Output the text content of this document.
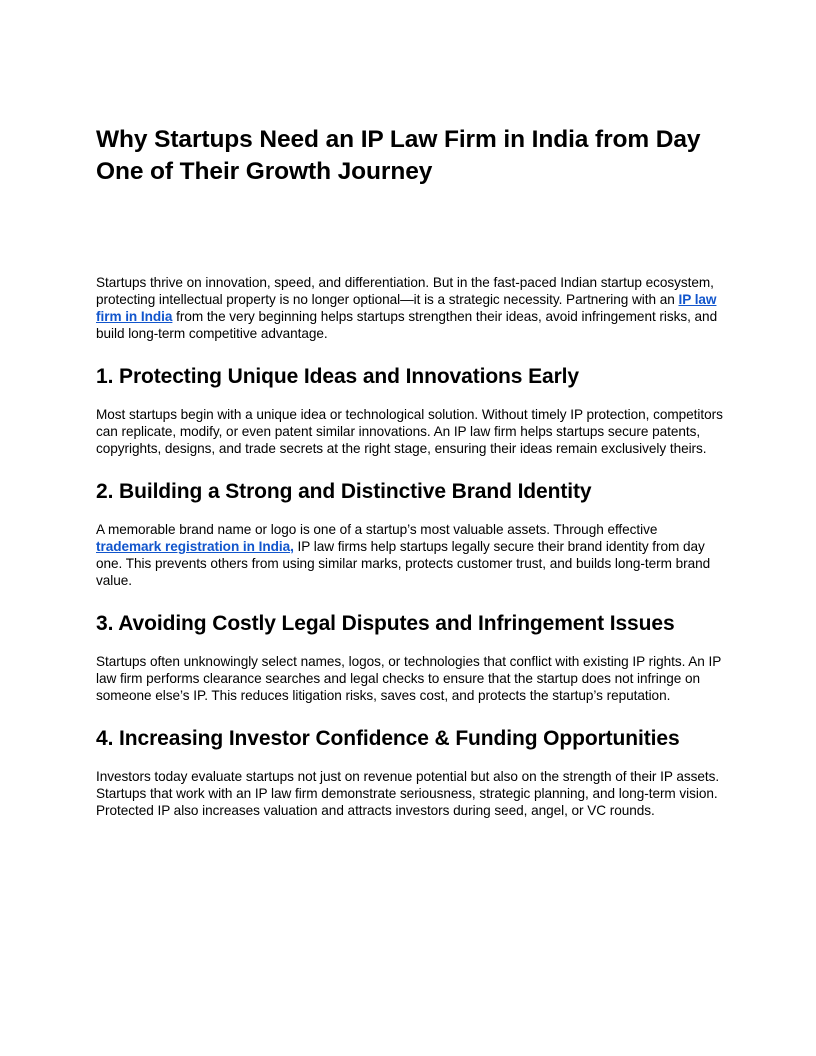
Why Startups Need an IP Law Firm in India from Day One of Their Growth Journey

Startups thrive on innovation, speed, and differentiation. But in the fast-paced Indian startup ecosystem, protecting intellectual property is no longer optional—it is a strategic necessity. Partnering with an IP law firm in India from the very beginning helps startups strengthen their ideas, avoid infringement risks, and build long-term competitive advantage.

1. Protecting Unique Ideas and Innovations Early

Most startups begin with a unique idea or technological solution. Without timely IP protection, competitors can replicate, modify, or even patent similar innovations. An IP law firm helps startups secure patents, copyrights, designs, and trade secrets at the right stage, ensuring their ideas remain exclusively theirs.

2. Building a Strong and Distinctive Brand Identity

A memorable brand name or logo is one of a startup’s most valuable assets. Through effective trademark registration in India, IP law firms help startups legally secure their brand identity from day one. This prevents others from using similar marks, protects customer trust, and builds long-term brand value.

3. Avoiding Costly Legal Disputes and Infringement Issues

Startups often unknowingly select names, logos, or technologies that conflict with existing IP rights. An IP law firm performs clearance searches and legal checks to ensure that the startup does not infringe on someone else’s IP. This reduces litigation risks, saves cost, and protects the startup’s reputation.

4. Increasing Investor Confidence & Funding Opportunities

Investors today evaluate startups not just on revenue potential but also on the strength of their IP assets. Startups that work with an IP law firm demonstrate seriousness, strategic planning, and long-term vision. Protected IP also increases valuation and attracts investors during seed, angel, or VC rounds.
